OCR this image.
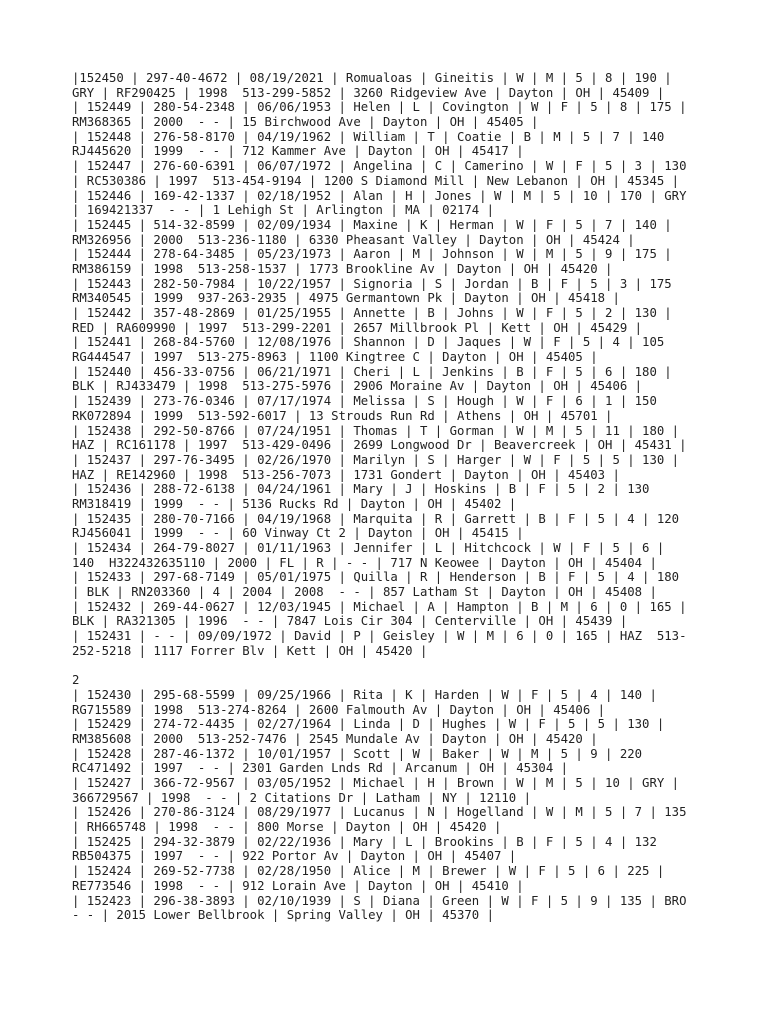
|152450 | 297-40-4672 | 08/19/2021 | Romualoas | Gineitis | W | M | 5 | 8 | 190 |
GRY | RF290425 | 1998  513-299-5852 | 3260 Ridgeview Ave | Dayton | OH | 45409 |
| 152449 | 280-54-2348 | 06/06/1953 | Helen | L | Covington | W | F | 5 | 8 | 175 |
RM368365 | 2000  - - | 15 Birchwood Ave | Dayton | OH | 45405 |
| 152448 | 276-58-8170 | 04/19/1962 | William | T | Coatie | B | M | 5 | 7 | 140
RJ445620 | 1999  - - | 712 Kammer Ave | Dayton | OH | 45417 |
| 152447 | 276-60-6391 | 06/07/1972 | Angelina | C | Camerino | W | F | 5 | 3 | 130
| RC530386 | 1997  513-454-9194 | 1200 S Diamond Mill | New Lebanon | OH | 45345 |
| 152446 | 169-42-1337 | 02/18/1952 | Alan | H | Jones | W | M | 5 | 10 | 170 | GRY
| 169421337  - - | 1 Lehigh St | Arlington | MA | 02174 |
| 152445 | 514-32-8599 | 02/09/1934 | Maxine | K | Herman | W | F | 5 | 7 | 140 |
RM326956 | 2000  513-236-1180 | 6330 Pheasant Valley | Dayton | OH | 45424 |
| 152444 | 278-64-3485 | 05/23/1973 | Aaron | M | Johnson | W | M | 5 | 9 | 175 |
RM386159 | 1998  513-258-1537 | 1773 Brookline Av | Dayton | OH | 45420 |
| 152443 | 282-50-7984 | 10/22/1957 | Signoria | S | Jordan | B | F | 5 | 3 | 175
RM340545 | 1999  937-263-2935 | 4975 Germantown Pk | Dayton | OH | 45418 |
| 152442 | 357-48-2869 | 01/25/1955 | Annette | B | Johns | W | F | 5 | 2 | 130 |
RED | RA609990 | 1997  513-299-2201 | 2657 Millbrook Pl | Kett | OH | 45429 |
| 152441 | 268-84-5760 | 12/08/1976 | Shannon | D | Jaques | W | F | 5 | 4 | 105
RG444547 | 1997  513-275-8963 | 1100 Kingtree C | Dayton | OH | 45405 |
| 152440 | 456-33-0756 | 06/21/1971 | Cheri | L | Jenkins | B | F | 5 | 6 | 180 |
BLK | RJ433479 | 1998  513-275-5976 | 2906 Moraine Av | Dayton | OH | 45406 |
| 152439 | 273-76-0346 | 07/17/1974 | Melissa | S | Hough | W | F | 6 | 1 | 150
RK072894 | 1999  513-592-6017 | 13 Strouds Run Rd | Athens | OH | 45701 |
| 152438 | 292-50-8766 | 07/24/1951 | Thomas | T | Gorman | W | M | 5 | 11 | 180 |
HAZ | RC161178 | 1997  513-429-0496 | 2699 Longwood Dr | Beavercreek | OH | 45431 |
| 152437 | 297-76-3495 | 02/26/1970 | Marilyn | S | Harger | W | F | 5 | 5 | 130 |
HAZ | RE142960 | 1998  513-256-7073 | 1731 Gondert | Dayton | OH | 45403 |
| 152436 | 288-72-6138 | 04/24/1961 | Mary | J | Hoskins | B | F | 5 | 2 | 130
RM318419 | 1999  - - | 5136 Rucks Rd | Dayton | OH | 45402 |
| 152435 | 280-70-7166 | 04/19/1968 | Marquita | R | Garrett | B | F | 5 | 4 | 120
RJ456041 | 1999  - - | 60 Vinway Ct 2 | Dayton | OH | 45415 |
| 152434 | 264-79-8027 | 01/11/1963 | Jennifer | L | Hitchcock | W | F | 5 | 6 |
140  H322432635110 | 2000 | FL | R | - - | 717 N Keowee | Dayton | OH | 45404 |
| 152433 | 297-68-7149 | 05/01/1975 | Quilla | R | Henderson | B | F | 5 | 4 | 180
| BLK | RN203360 | 4 | 2004 | 2008  - - | 857 Latham St | Dayton | OH | 45408 |
| 152432 | 269-44-0627 | 12/03/1945 | Michael | A | Hampton | B | M | 6 | 0 | 165 |
BLK | RA321305 | 1996  - - | 7847 Lois Cir 304 | Centerville | OH | 45439 |
| 152431 | - - | 09/09/1972 | David | P | Geisley | W | M | 6 | 0 | 165 | HAZ  513-
252-5218 | 1117 Forrer Blv | Kett | OH | 45420 |
2
| 152430 | 295-68-5599 | 09/25/1966 | Rita | K | Harden | W | F | 5 | 4 | 140 |
RG715589 | 1998  513-274-8264 | 2600 Falmouth Av | Dayton | OH | 45406 |
| 152429 | 274-72-4435 | 02/27/1964 | Linda | D | Hughes | W | F | 5 | 5 | 130 |
RM385608 | 2000  513-252-7476 | 2545 Mundale Av | Dayton | OH | 45420 |
| 152428 | 287-46-1372 | 10/01/1957 | Scott | W | Baker | W | M | 5 | 9 | 220
RC471492 | 1997  - - | 2301 Garden Lnds Rd | Arcanum | OH | 45304 |
| 152427 | 366-72-9567 | 03/05/1952 | Michael | H | Brown | W | M | 5 | 10 | GRY |
366729567 | 1998  - - | 2 Citations Dr | Latham | NY | 12110 |
| 152426 | 270-86-3124 | 08/29/1977 | Lucanus | N | Hogelland | W | M | 5 | 7 | 135
| RH665748 | 1998  - - | 800 Morse | Dayton | OH | 45420 |
| 152425 | 294-32-3879 | 02/22/1936 | Mary | L | Brookins | B | F | 5 | 4 | 132
RB504375 | 1997  - - | 922 Portor Av | Dayton | OH | 45407 |
| 152424 | 269-52-7738 | 02/28/1950 | Alice | M | Brewer | W | F | 5 | 6 | 225 |
RE773546 | 1998  - - | 912 Lorain Ave | Dayton | OH | 45410 |
| 152423 | 296-38-3893 | 02/10/1939 | S | Diana | Green | W | F | 5 | 9 | 135 | BRO
- - | 2015 Lower Bellbrook | Spring Valley | OH | 45370 |
